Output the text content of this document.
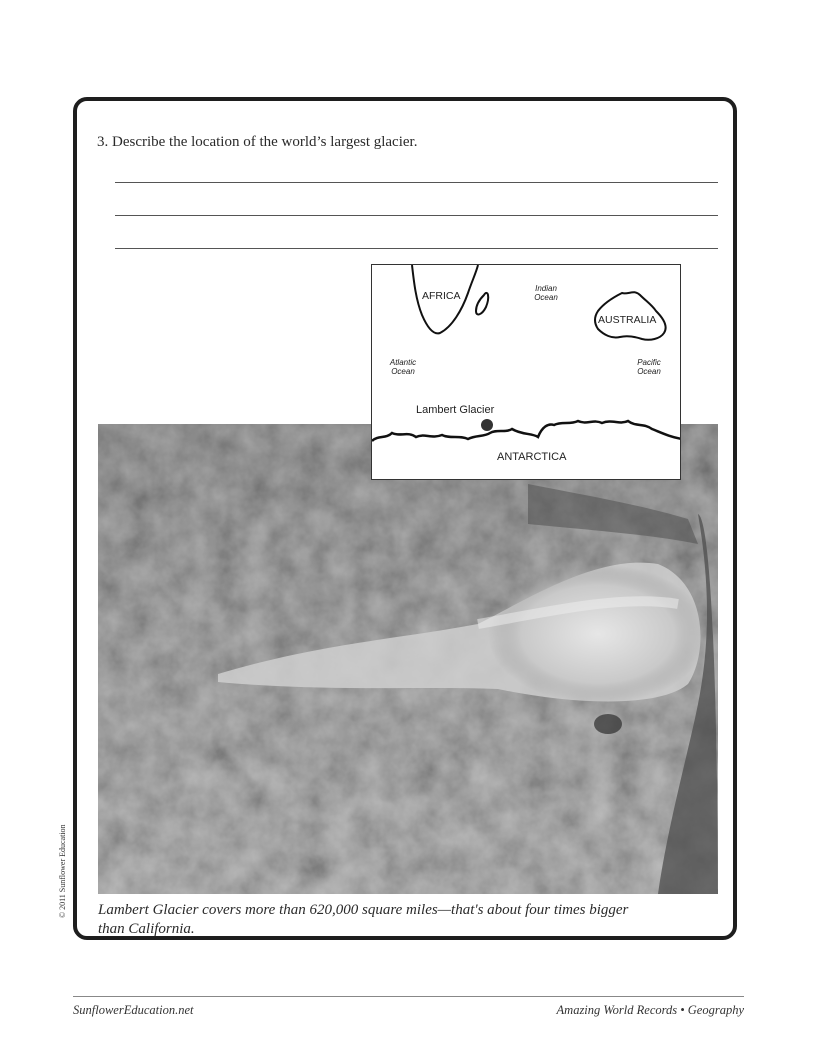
3. Describe the location of the world’s largest glacier.
AFRICA
Indian
Ocean
AUSTRALIA
Atlantic
Ocean
Pacific
Ocean
Lambert Glacier
ANTARCTICA
Lambert Glacier covers more than 620,000 square miles—that's about four times bigger
than California.
© 2011 Sunflower Education
SunflowerEducation.net	Amazing World Records • Geography
